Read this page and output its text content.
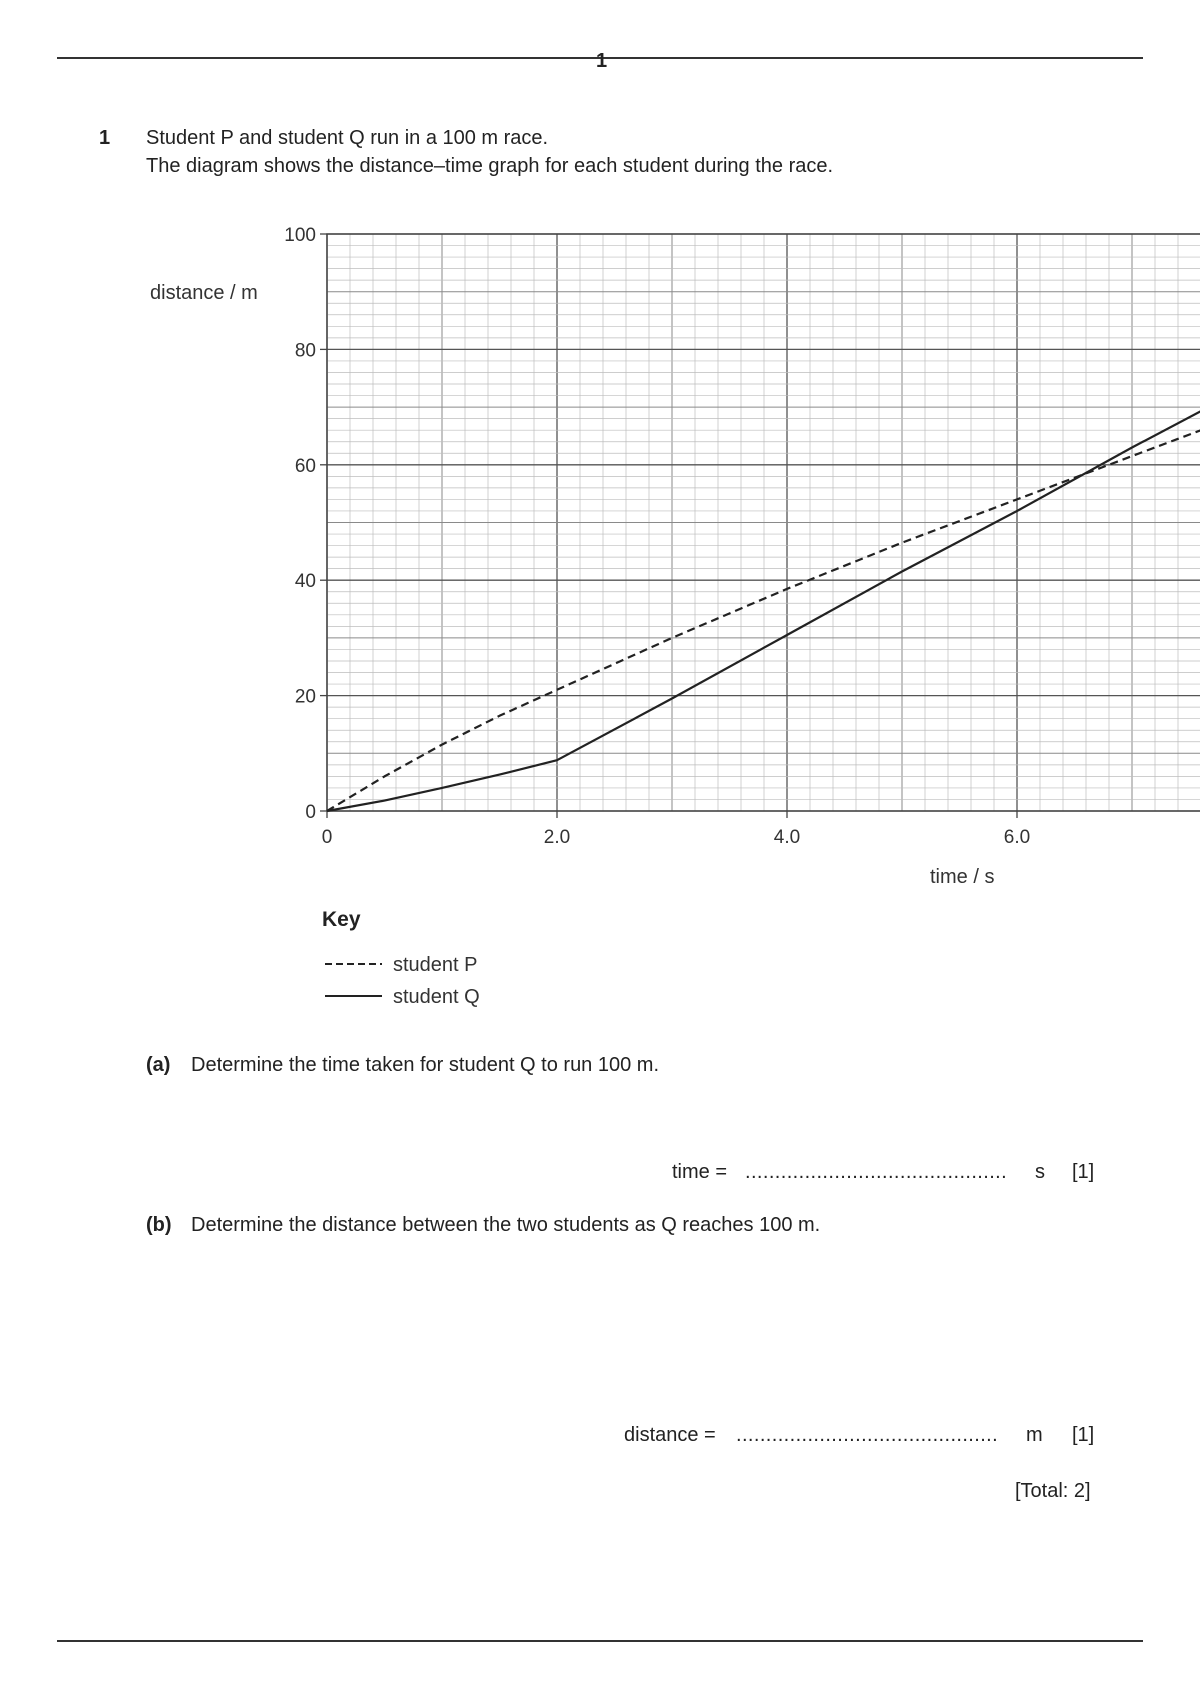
1
1 Student P and student Q run in a 100 m race.
The diagram shows the distance–time graph for each student during the race.
0
20
40
60
80
100
0	2.0	4.0	6.0
distance / m
time / s
Key
student P
student Q
(a) Determine the time taken for student Q to run 100 m.
time = ............................................ s [1]
(b) Determine the distance between the two students as Q reaches 100 m.
distance = ............................................ m [1]
[Total: 2]
